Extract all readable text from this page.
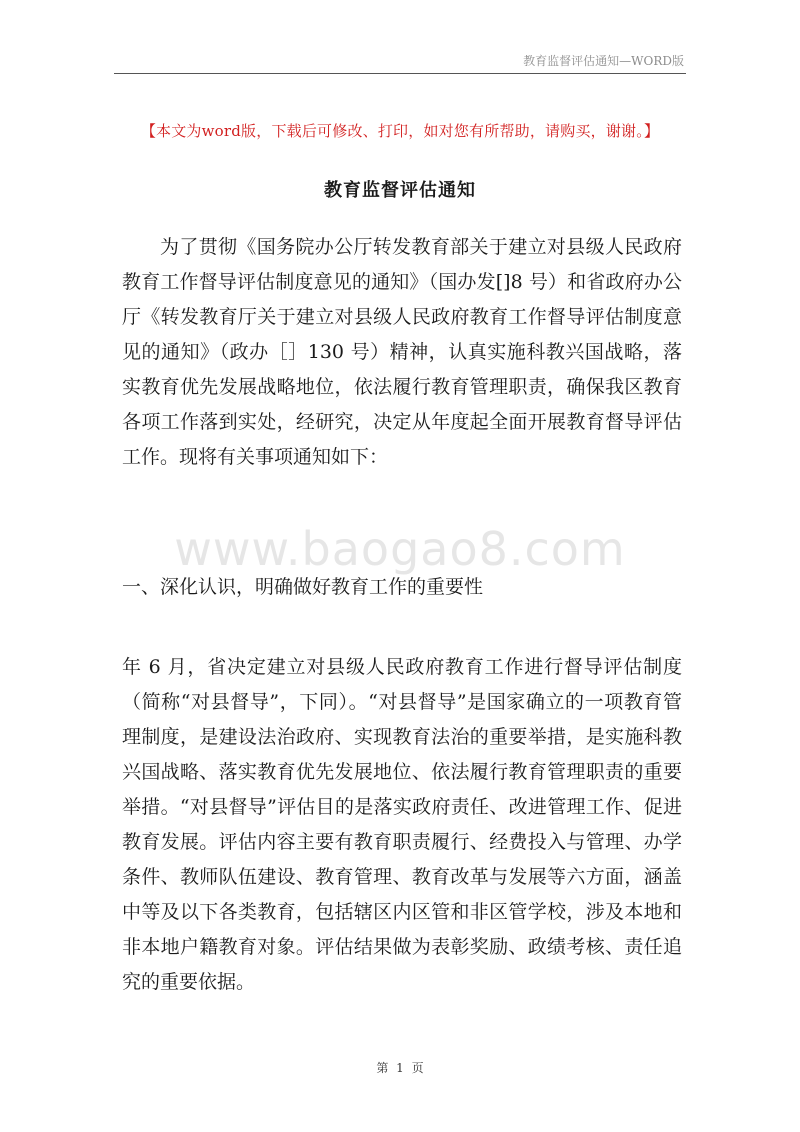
教育监督评估通知—WORD版
【本文为word版，下载后可修改、打印，如对您有所帮助，请购买，谢谢。】
教育监督评估通知

为了贯彻《国务院办公厅转发教育部关于建立对县级人民政府教育工作督导评估制度意见的通知》（国办发[]8 号）和省政府办公厅《转发教育厅关于建立对县级人民政府教育工作督导评估制度意见的通知》（政办［］130 号）精神，认真实施科教兴国战略，落实教育优先发展战略地位，依法履行教育管理职责，确保我区教育各项工作落到实处，经研究，决定从年度起全面开展教育督导评估工作。现将有关事项通知如下：

www.baogao8.com
一、深化认识，明确做好教育工作的重要性

年 6 月，省决定建立对县级人民政府教育工作进行督导评估制度（简称“对县督导”，下同）。“对县督导”是国家确立的一项教育管理制度，是建设法治政府、实现教育法治的重要举措，是实施科教兴国战略、落实教育优先发展地位、依法履行教育管理职责的重要举措。“对县督导”评估目的是落实政府责任、改进管理工作、促进教育发展。评估内容主要有教育职责履行、经费投入与管理、办学条件、教师队伍建设、教育管理、教育改革与发展等六方面，涵盖中等及以下各类教育，包括辖区内区管和非区管学校，涉及本地和非本地户籍教育对象。评估结果做为表彰奖励、政绩考核、责任追究的重要依据。

第 1 页
